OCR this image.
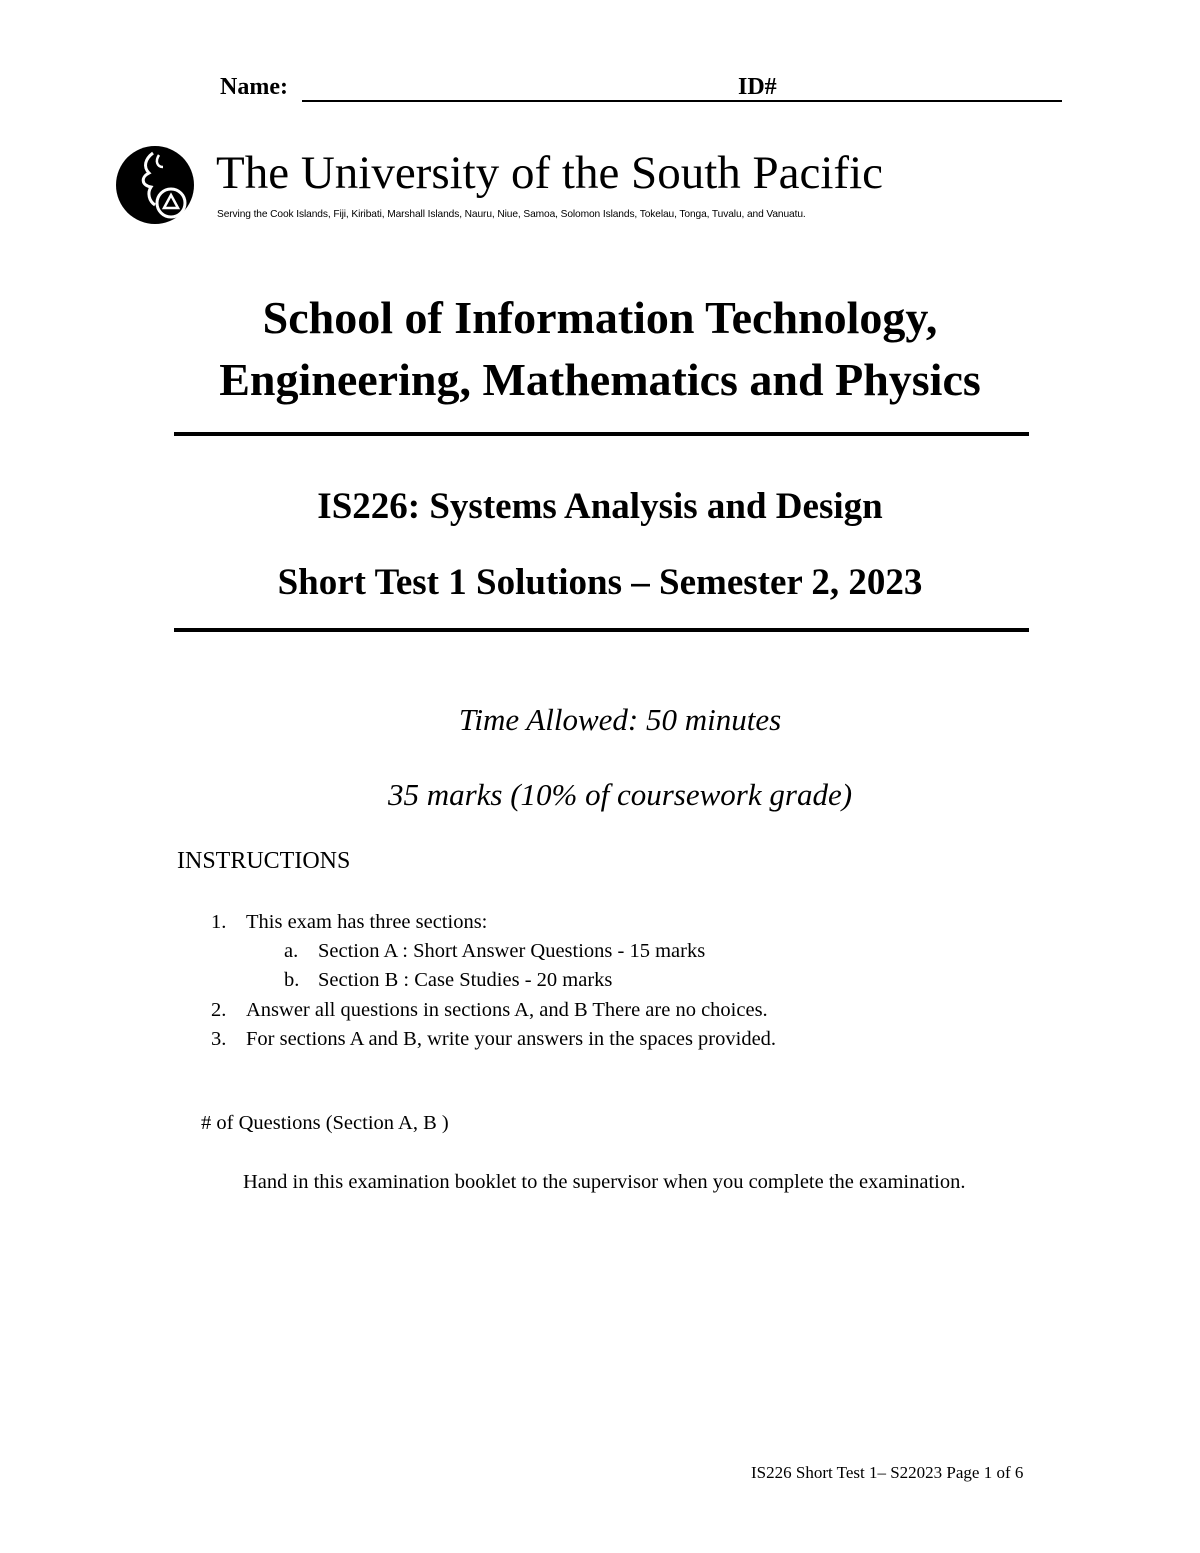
Name:	ID#
The University of the South Pacific
Serving the Cook Islands, Fiji, Kiribati, Marshall Islands, Nauru, Niue, Samoa, Solomon Islands, Tokelau, Tonga, Tuvalu, and Vanuatu.
School of Information Technology,
Engineering, Mathematics and Physics
IS226: Systems Analysis and Design
Short Test 1 Solutions – Semester 2, 2023
Time Allowed: 50 minutes
35 marks (10% of coursework grade)
INSTRUCTIONS
1. This exam has three sections:
a. Section A : Short Answer Questions - 15 marks
b. Section B : Case Studies - 20 marks
2. Answer all questions in sections A, and B There are no choices.
3. For sections A and B, write your answers in the spaces provided.
# of Questions (Section A, B )
Hand in this examination booklet to the supervisor when you complete the examination.
IS226 Short Test 1– S22023 Page 1 of 6
